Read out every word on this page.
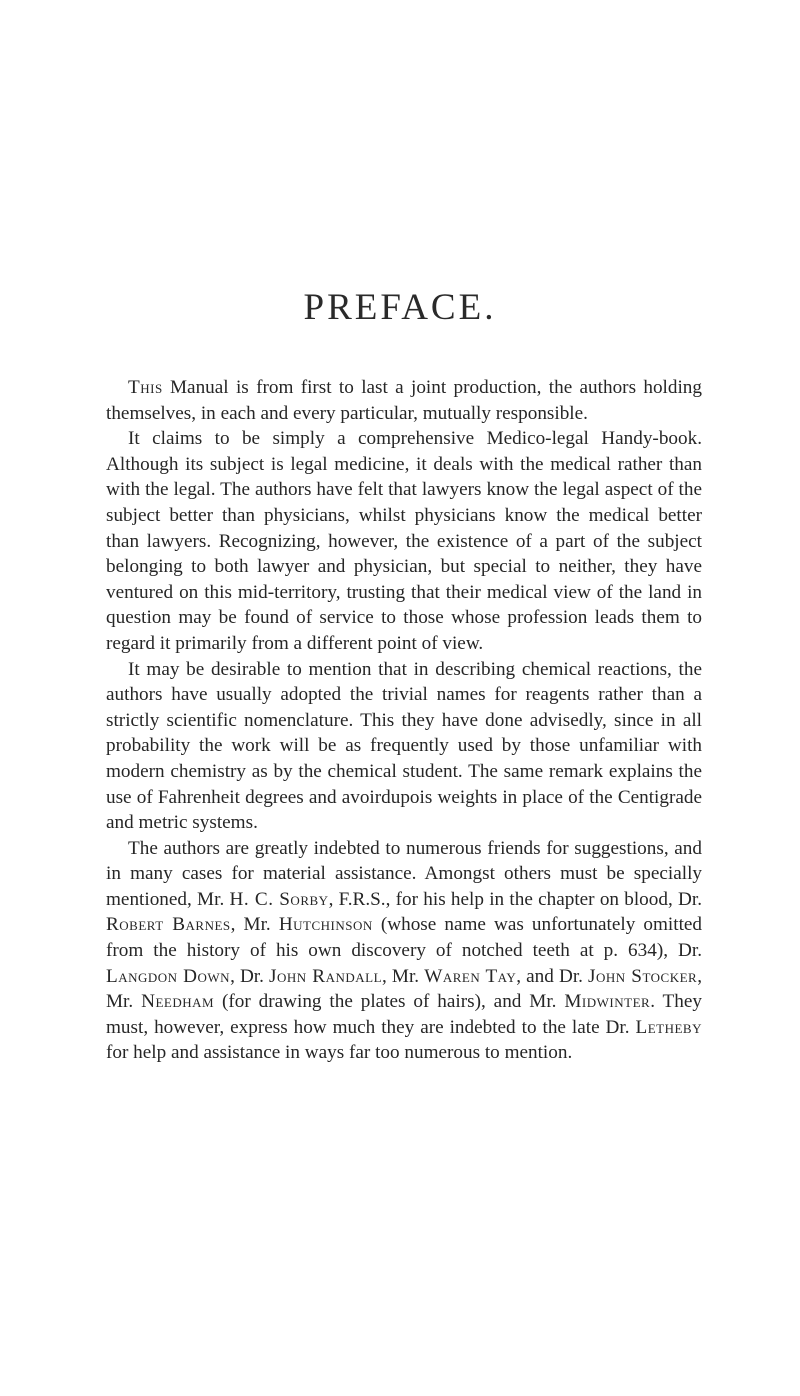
PREFACE.

This Manual is from first to last a joint production, the authors holding themselves, in each and every particular, mutually responsible.

It claims to be simply a comprehensive Medico-legal Handy-book. Although its subject is legal medicine, it deals with the medical rather than with the legal. The authors have felt that lawyers know the legal aspect of the subject better than physicians, whilst physicians know the medical better than lawyers. Recognizing, however, the existence of a part of the subject belonging to both lawyer and physician, but special to neither, they have ventured on this mid-territory, trusting that their medical view of the land in question may be found of service to those whose profession leads them to regard it primarily from a different point of view.

It may be desirable to mention that in describing chemical reactions, the authors have usually adopted the trivial names for reagents rather than a strictly scientific nomenclature. This they have done advisedly, since in all probability the work will be as frequently used by those unfamiliar with modern chemistry as by the chemical student. The same remark explains the use of Fahrenheit degrees and avoirdupois weights in place of the Centigrade and metric systems.

The authors are greatly indebted to numerous friends for suggestions, and in many cases for material assistance. Amongst others must be specially mentioned, Mr. H. C. Sorby, F.R.S., for his help in the chapter on blood, Dr. Robert Barnes, Mr. Hutchinson (whose name was unfortunately omitted from the history of his own discovery of notched teeth at p. 634), Dr. Langdon Down, Dr. John Randall, Mr. Waren Tay, and Dr. John Stocker, Mr. Needham (for drawing the plates of hairs), and Mr. Midwinter. They must, however, express how much they are indebted to the late Dr. Letheby for help and assistance in ways far too numerous to mention.
